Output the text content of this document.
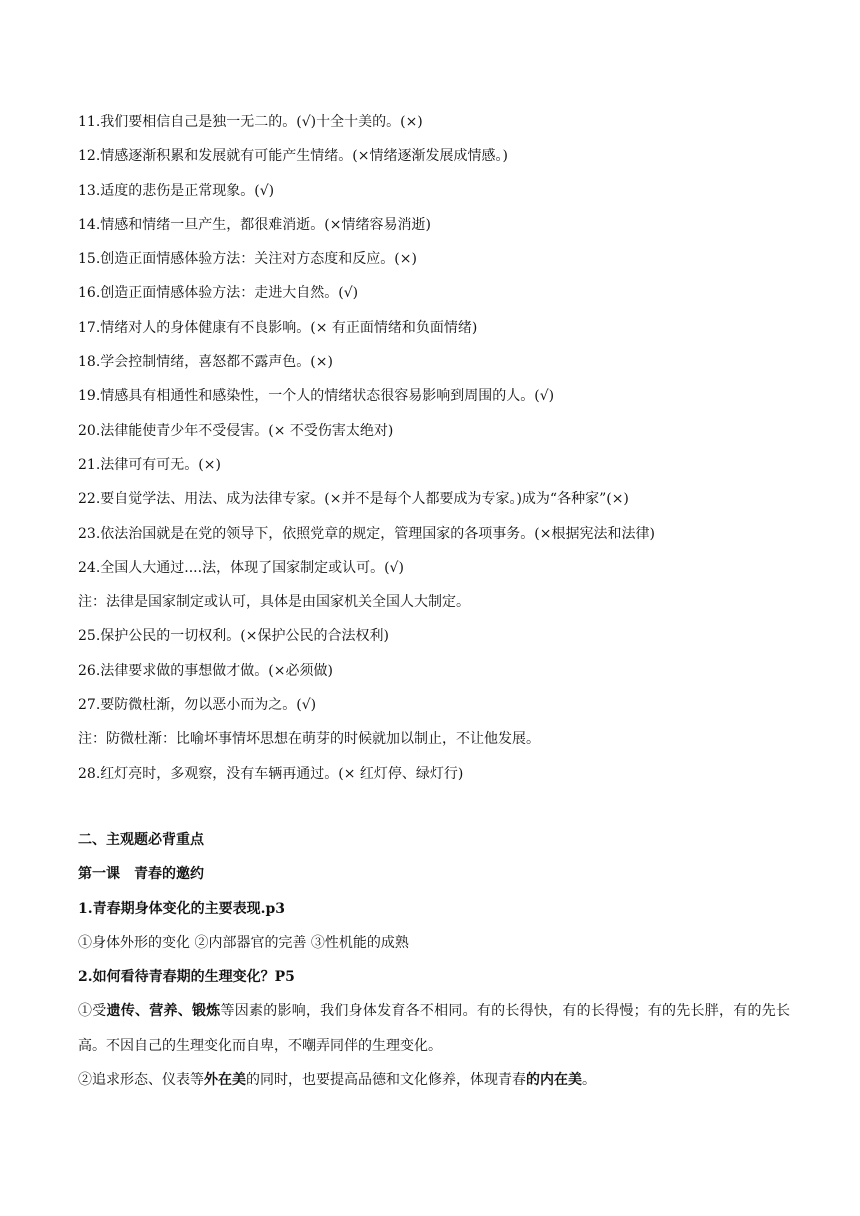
11.我们要相信自己是独一无二的。(√)十全十美的。(×)
12.情感逐渐积累和发展就有可能产生情绪。(×情绪逐渐发展成情感。)
13.适度的悲伤是正常现象。(√)
14.情感和情绪一旦产生，都很难消逝。(×情绪容易消逝)
15.创造正面情感体验方法：关注对方态度和反应。(×)
16.创造正面情感体验方法：走进大自然。(√)
17.情绪对人的身体健康有不良影响。(× 有正面情绪和负面情绪)
18.学会控制情绪，喜怒都不露声色。(×)
19.情感具有相通性和感染性，一个人的情绪状态很容易影响到周围的人。(√)
20.法律能使青少年不受侵害。(× 不受伤害太绝对)
21.法律可有可无。(×)
22.要自觉学法、用法、成为法律专家。(×并不是每个人都要成为专家。)成为“各种家”(×)
23.依法治国就是在党的领导下，依照党章的规定，管理国家的各项事务。(×根据宪法和法律)
24.全国人大通过....法，体现了国家制定或认可。(√)
注：法律是国家制定或认可，具体是由国家机关全国人大制定。
25.保护公民的一切权利。(×保护公民的合法权利)
26.法律要求做的事想做才做。(×必须做)
27.要防微杜渐，勿以恶小而为之。(√)
注：防微杜渐：比喻坏事情坏思想在萌芽的时候就加以制止，不让他发展。
28.红灯亮时，多观察，没有车辆再通过。(× 红灯停、绿灯行)
二、主观题必背重点
第一课　青春的邀约
1.青春期身体变化的主要表现.p3
①身体外形的变化 ②内部器官的完善 ③性机能的成熟
2.如何看待青春期的生理变化？P5
①受遗传、营养、锻炼等因素的影响，我们身体发育各不相同。有的长得快，有的长得慢；有的先长胖，有的先长高。不因自己的生理变化而自卑，不嘲弄同伴的生理变化。
②追求形态、仪表等外在美的同时，也要提高品德和文化修养，体现青春的内在美。
